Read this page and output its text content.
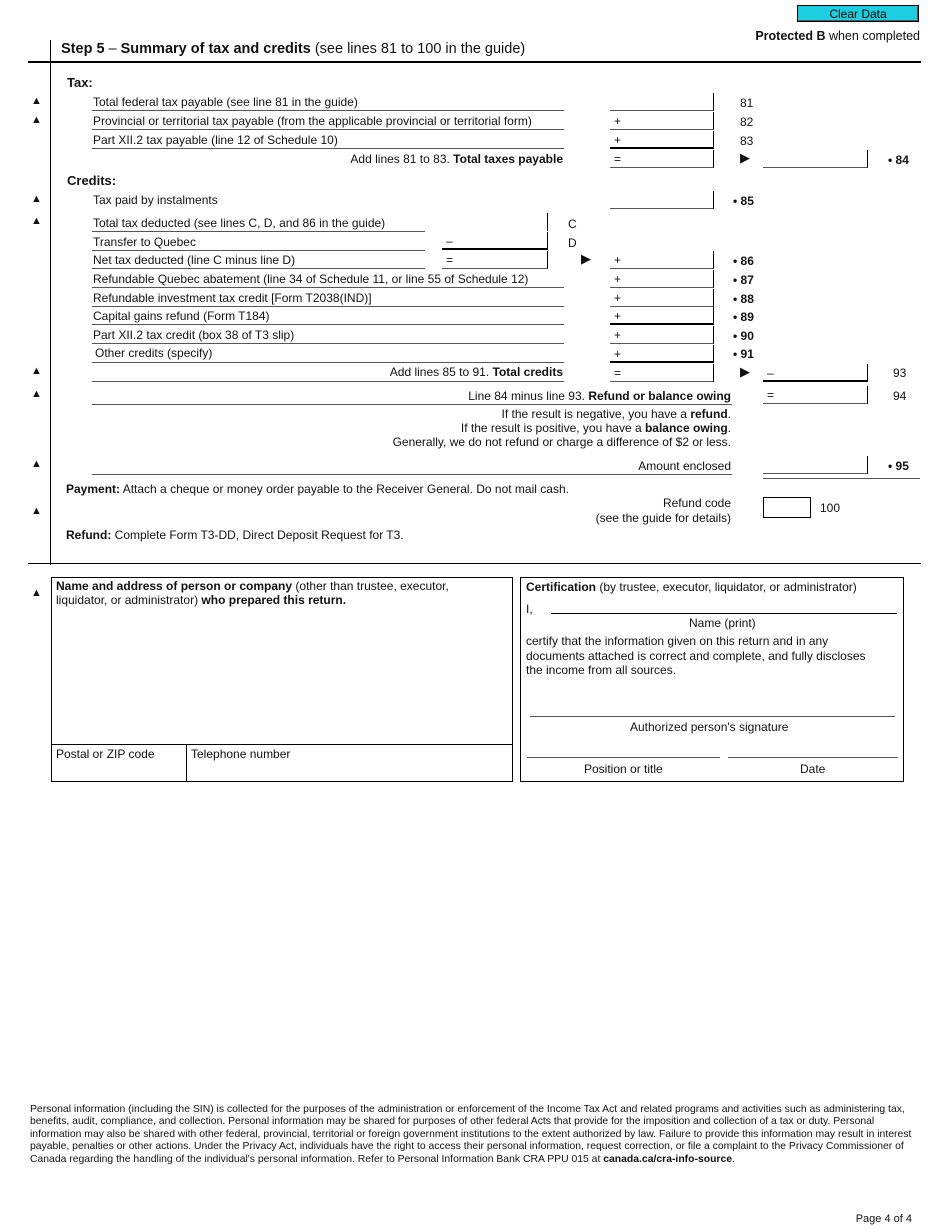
Clear Data
Protected B when completed
Step 5 – Summary of tax and credits (see lines 81 to 100 in the guide)
Tax:
▲	Total federal tax payable (see line 81 in the guide)	81
▲	Provincial or territorial tax payable (from the applicable provincial or territorial form)	+	82
Part XII.2 tax payable (line 12 of Schedule 10)	+	83
Add lines 81 to 83. Total taxes payable	=	▶	• 84
Credits:
▲	Tax paid by instalments	• 85
▲	Total tax deducted (see lines C, D, and 86 in the guide)	C
Transfer to Quebec	–	D
Net tax deducted (line C minus line D)	=	▶	+	• 86
Refundable Quebec abatement (line 34 of Schedule 11, or line 55 of Schedule 12)	+	• 87
Refundable investment tax credit [Form T2038(IND)]	+	• 88
Capital gains refund (Form T184)	+	• 89
Part XII.2 tax credit (box 38 of T3 slip)	+	• 90
Other credits (specify)	+	• 91
▲	Add lines 85 to 91. Total credits	=	▶	–	93
▲	Line 84 minus line 93. Refund or balance owing	=	94
If the result is negative, you have a refund.
If the result is positive, you have a balance owing.
Generally, we do not refund or charge a difference of $2 or less.
▲	Amount enclosed	• 95
Payment: Attach a cheque or money order payable to the Receiver General. Do not mail cash.
▲
Refund code
(see the guide for details)
100
Refund: Complete Form T3-DD, Direct Deposit Request for T3.
▲ Name and address of person or company (other than trustee, executor,
liquidator, or administrator) who prepared this return.
Postal or ZIP code	Telephone number
Certification (by trustee, executor, liquidator, or administrator)
I,
Name (print)
certify that the information given on this return and in any
documents attached is correct and complete, and fully discloses
the income from all sources.
Authorized person's signature
Position or title	Date
Personal information (including the SIN) is collected for the purposes of the administration or enforcement of the Income Tax Act and related programs and activities such as administering tax, benefits, audit, compliance, and collection. Personal information may be shared for purposes of other federal Acts that provide for the imposition and collection of a tax or duty. Personal information may also be shared with other federal, provincial, territorial or foreign government institutions to the extent authorized by law. Failure to provide this information may result in interest payable, penalties or other actions. Under the Privacy Act, individuals have the right to access their personal information, request correction, or file a complaint to the Privacy Commissioner of Canada regarding the handling of the individual's personal information. Refer to Personal Information Bank CRA PPU 015 at canada.ca/cra-info-source.
Page 4 of 4
